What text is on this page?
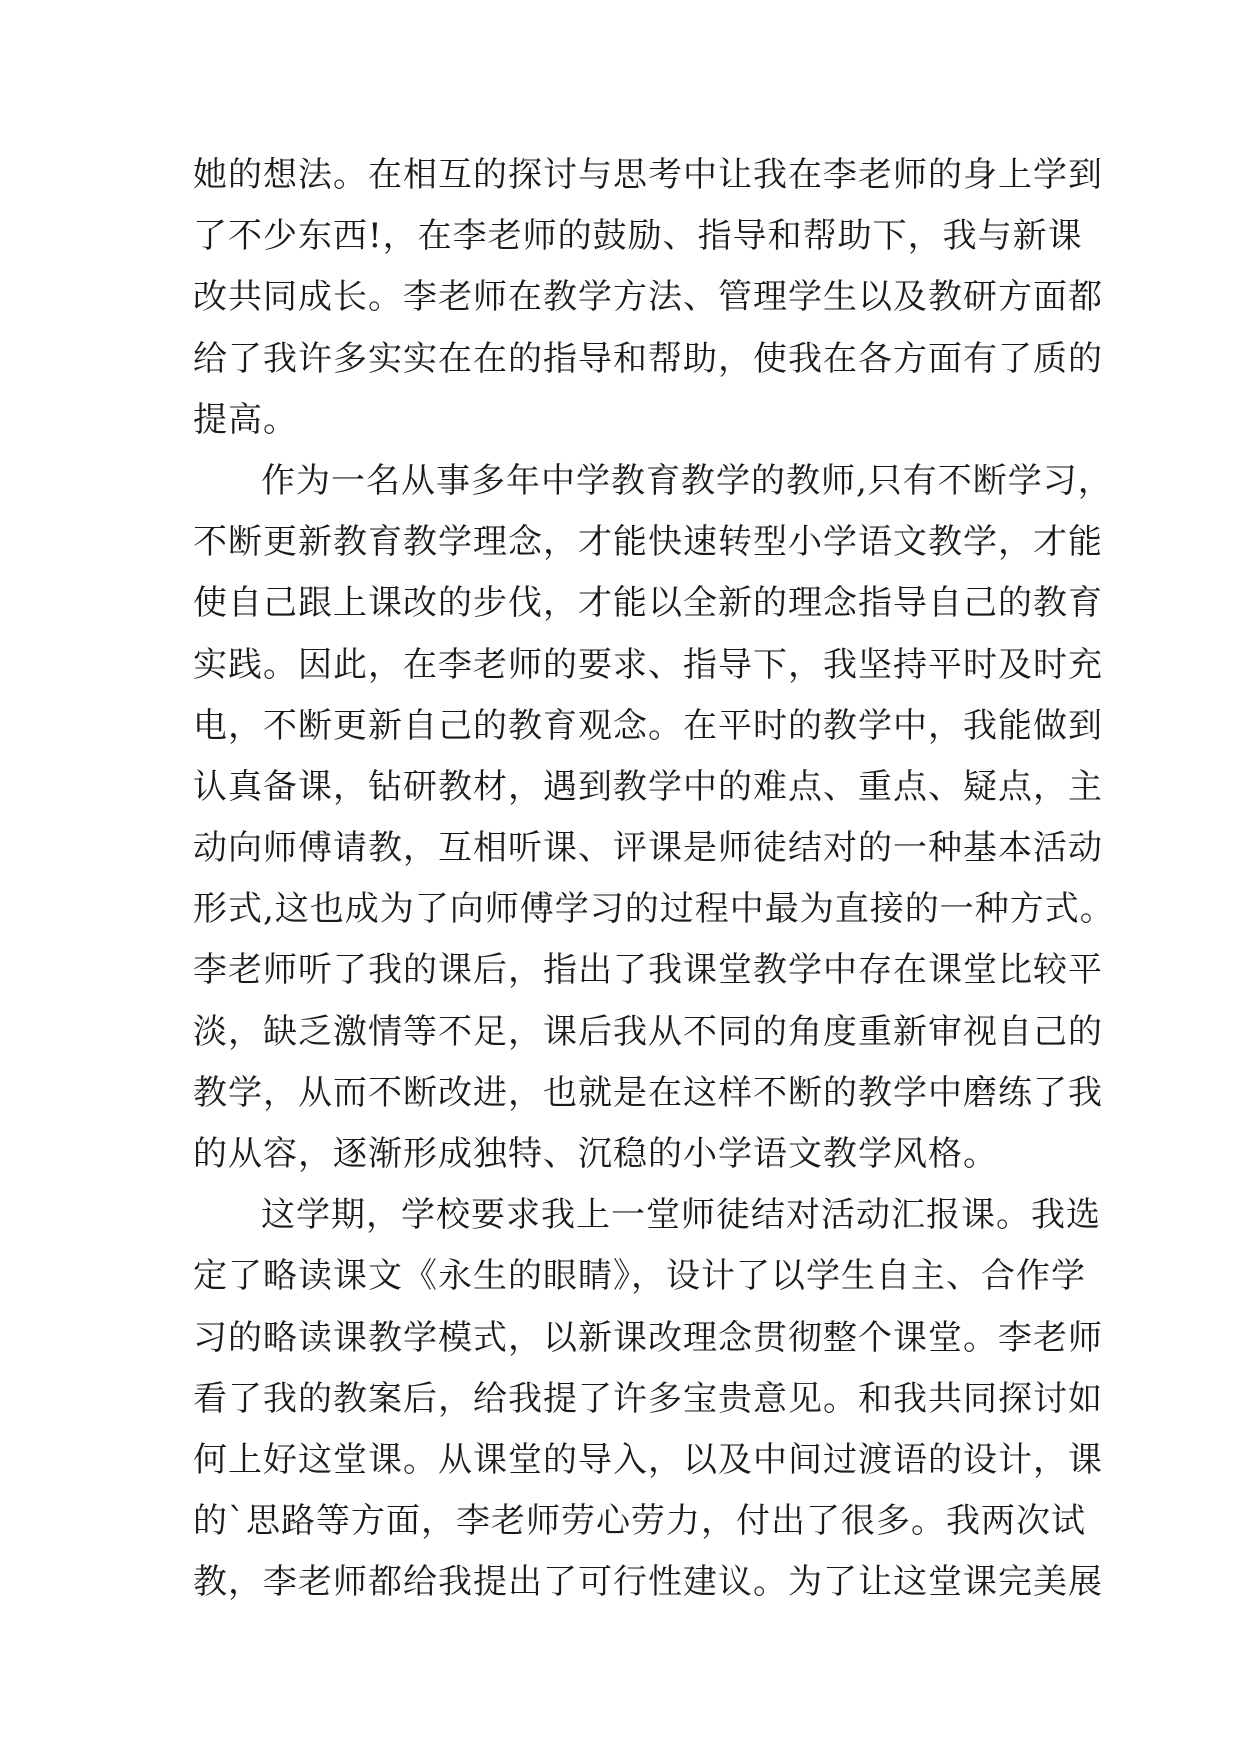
她的想法。在相互的探讨与思考中让我在李老师的身上学到
了不少东西!，在李老师的鼓励、指导和帮助下，我与新课
改共同成长。李老师在教学方法、管理学生以及教研方面都
给了我许多实实在在的指导和帮助，使我在各方面有了质的
提高。
作为一名从事多年中学教育教学的教师,只有不断学习，
不断更新教育教学理念，才能快速转型小学语文教学，才能
使自己跟上课改的步伐，才能以全新的理念指导自己的教育
实践。因此，在李老师的要求、指导下，我坚持平时及时充
电，不断更新自己的教育观念。在平时的教学中，我能做到
认真备课，钻研教材，遇到教学中的难点、重点、疑点，主
动向师傅请教，互相听课、评课是师徒结对的一种基本活动
形式,这也成为了向师傅学习的过程中最为直接的一种方式。
李老师听了我的课后，指出了我课堂教学中存在课堂比较平
淡，缺乏激情等不足，课后我从不同的角度重新审视自己的
教学，从而不断改进，也就是在这样不断的教学中磨练了我
的从容，逐渐形成独特、沉稳的小学语文教学风格。
这学期，学校要求我上一堂师徒结对活动汇报课。我选
定了略读课文《永生的眼睛》，设计了以学生自主、合作学
习的略读课教学模式，以新课改理念贯彻整个课堂。李老师
看了我的教案后，给我提了许多宝贵意见。和我共同探讨如
何上好这堂课。从课堂的导入，以及中间过渡语的设计，课
的`思路等方面，李老师劳心劳力，付出了很多。我两次试
教，李老师都给我提出了可行性建议。为了让这堂课完美展
